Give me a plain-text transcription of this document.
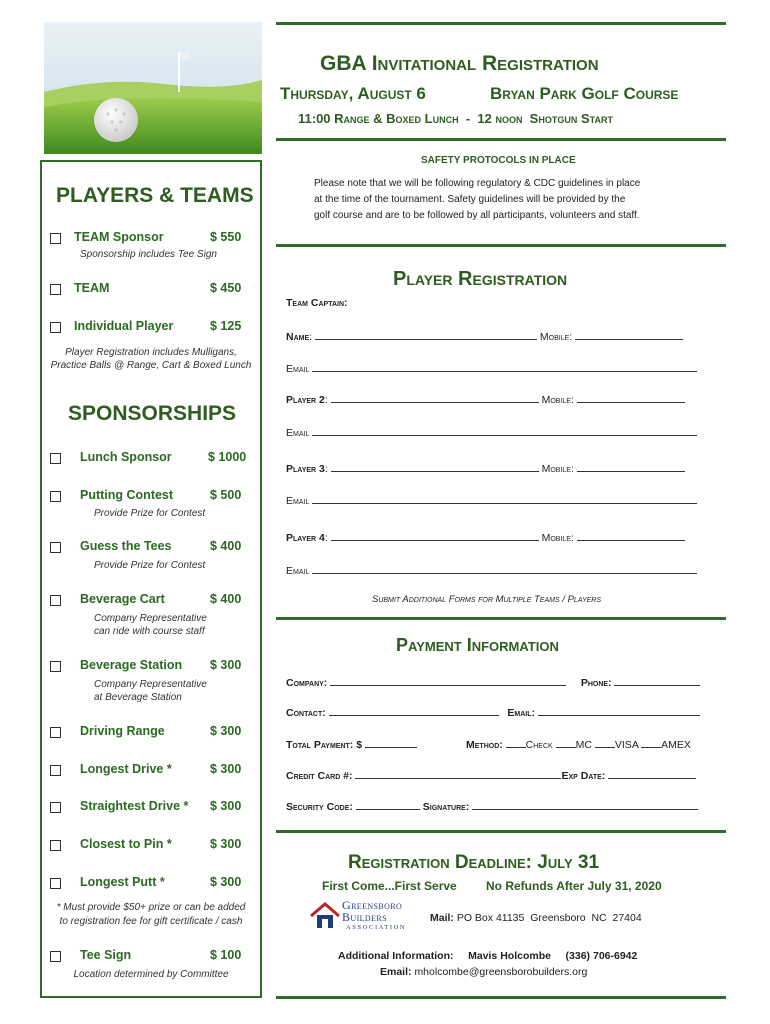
PLAYERS & TEAMS
TEAM Sponsor	$ 550
Sponsorship includes Tee Sign
TEAM	$ 450
Individual Player	$ 125
Player Registration includes Mulligans,
Practice Balls @ Range, Cart & Boxed Lunch
SPONSORSHIPS
Lunch Sponsor	$ 1000
Putting Contest	$ 500
Provide Prize for Contest
Guess the Tees	$ 400
Provide Prize for Contest
Beverage Cart	$ 400
Company Representative
can ride with course staff
Beverage Station $ 300
Company Representative
at Beverage Station
Driving Range	$ 300
Longest Drive *	$ 300
Straightest Drive * $ 300
Closest to Pin *	$ 300
Longest Putt *	$ 300
* Must provide $50+ prize or can be added
to registration fee for gift certificate / cash
Tee Sign	$ 100
Location determined by Committee
GBA Invitational Registration
Thursday, August 6	Bryan Park Golf Course
11:00 Range & Boxed Lunch  -  12 noon  Shotgun Start
SAFETY PROTOCOLS IN PLACE
Please note that we will be following regulatory & CDC guidelines in place
at the time of the tournament. Safety guidelines will be provided by the
golf course and are to be followed by all participants, volunteers and staff.
Player Registration
Team Captain:
Name:	Mobile:
Email
Player 2:	Mobile:
Email
Player 3:	Mobile:
Email
Player 4:	Mobile:
Email
Submit Additional Forms for Multiple Teams / Players
Payment Information
Company:	Phone:
Contact:	Email:
Total Payment: $	Method: Check MC VISA AMEX
Credit Card #:	Exp Date:
Security Code:	Signature:
Registration Deadline: July 31
First Come...First Serve No Refunds After July 31, 2020
Greensboro
Builders
ASSOCIATION
Mail: PO Box 41135  Greensboro  NC  27404
Additional Information: Mavis Holcombe (336) 706-6942
Email: mholcombe@greensborobuilders.org
